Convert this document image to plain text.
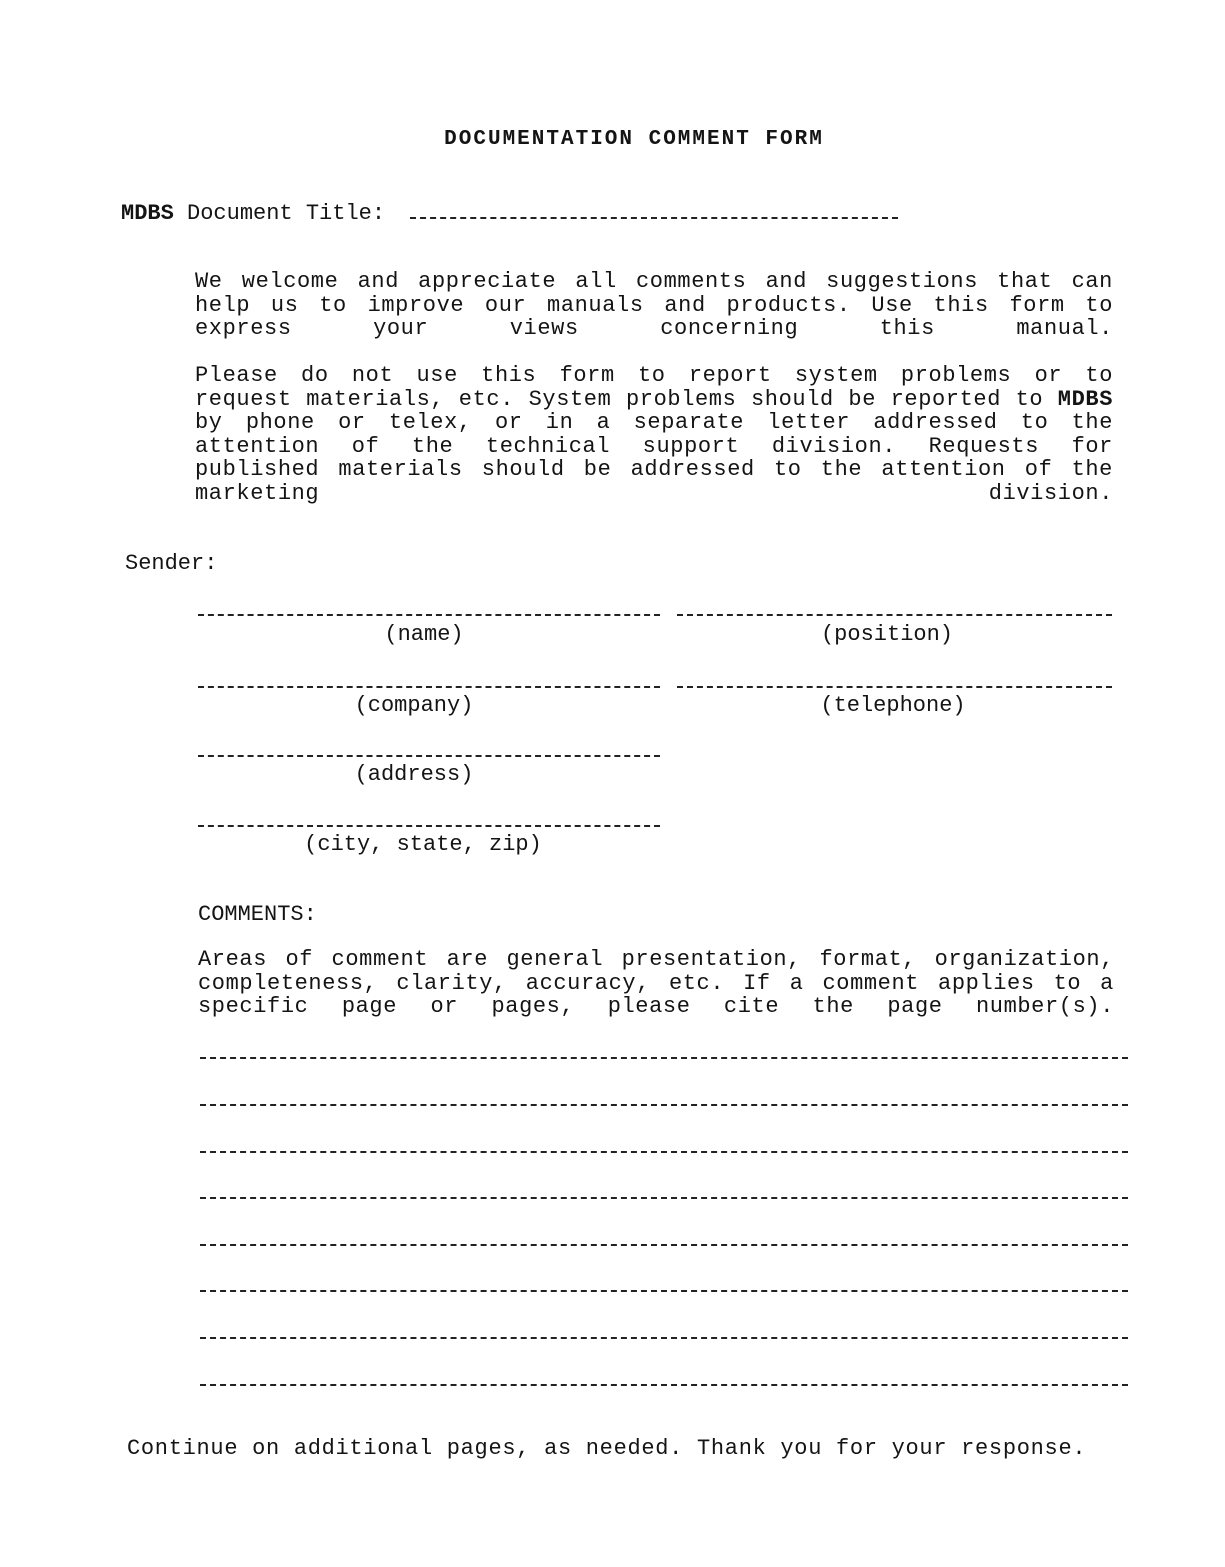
DOCUMENTATION COMMENT FORM
MDBS Document Title:
We welcome and appreciate all comments and suggestions that can help us to improve our manuals and products. Use this form to express your views concerning this manual.
Please do not use this form to report system problems or to request materials, etc. System problems should be reported to MDBS by phone or telex, or in a separate letter addressed to the attention of the technical support division. Requests for published materials should be addressed to the attention of the marketing division.
Sender:
(name)	(position)
(company)	(telephone)
(address)
(city, state, zip)
COMMENTS:
Areas of comment are general presentation, format, organization, completeness, clarity, accuracy, etc. If a comment applies to a specific page or pages, please cite the page number(s).
Continue on additional pages, as needed. Thank you for your response.
